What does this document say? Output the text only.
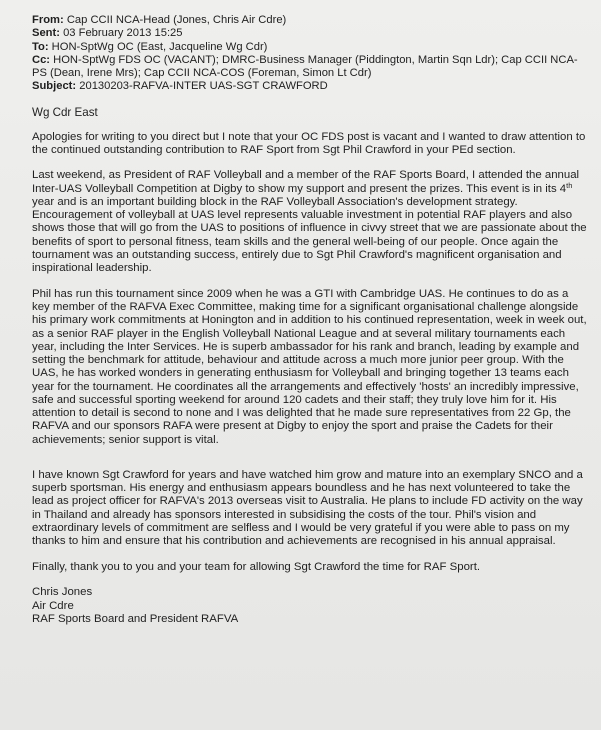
From: Cap CCII NCA-Head (Jones, Chris Air Cdre)
Sent: 03 February 2013 15:25
To: HON-SptWg OC (East, Jacqueline Wg Cdr)
Cc: HON-SptWg FDS OC (VACANT); DMRC-Business Manager (Piddington, Martin Sqn Ldr); Cap CCII NCA-PS (Dean, Irene Mrs); Cap CCII NCA-COS (Foreman, Simon Lt Cdr)
Subject: 20130203-RAFVA-INTER UAS-SGT CRAWFORD
Wg Cdr East

Apologies for writing to you direct but I note that your OC FDS post is vacant and I wanted to draw attention to the continued outstanding contribution to RAF Sport from Sgt Phil Crawford in your PEd section.

Last weekend, as President of RAF Volleyball and a member of the RAF Sports Board, I attended the annual Inter-UAS Volleyball Competition at Digby to show my support and present the prizes. This event is in its 4th year and is an important building block in the RAF Volleyball Association's development strategy. Encouragement of volleyball at UAS level represents valuable investment in potential RAF players and also shows those that will go from the UAS to positions of influence in civvy street that we are passionate about the benefits of sport to personal fitness, team skills and the general well-being of our people. Once again the tournament was an outstanding success, entirely due to Sgt Phil Crawford's magnificent organisation and inspirational leadership.

Phil has run this tournament since 2009 when he was a GTI with Cambridge UAS. He continues to do as a key member of the RAFVA Exec Committee, making time for a significant organisational challenge alongside his primary work commitments at Honington and in addition to his continued representation, week in week out, as a senior RAF player in the English Volleyball National League and at several military tournaments each year, including the Inter Services. He is superb ambassador for his rank and branch, leading by example and setting the benchmark for attitude, behaviour and attitude across a much more junior peer group. With the UAS, he has worked wonders in generating enthusiasm for Volleyball and bringing together 13 teams each year for the tournament. He coordinates all the arrangements and effectively 'hosts' an incredibly impressive, safe and successful sporting weekend for around 120 cadets and their staff; they truly love him for it. His attention to detail is second to none and I was delighted that he made sure representatives from 22 Gp, the RAFVA and our sponsors RAFA were present at Digby to enjoy the sport and praise the Cadets for their achievements; senior support is vital.

I have known Sgt Crawford for years and have watched him grow and mature into an exemplary SNCO and a superb sportsman. His energy and enthusiasm appears boundless and he has next volunteered to take the lead as project officer for RAFVA's 2013 overseas visit to Australia. He plans to include FD activity on the way in Thailand and already has sponsors interested in subsidising the costs of the tour. Phil's vision and extraordinary levels of commitment are selfless and I would be very grateful if you were able to pass on my thanks to him and ensure that his contribution and achievements are recognised in his annual appraisal.

Finally, thank you to you and your team for allowing Sgt Crawford the time for RAF Sport.

Chris Jones
Air Cdre
RAF Sports Board and President RAFVA
